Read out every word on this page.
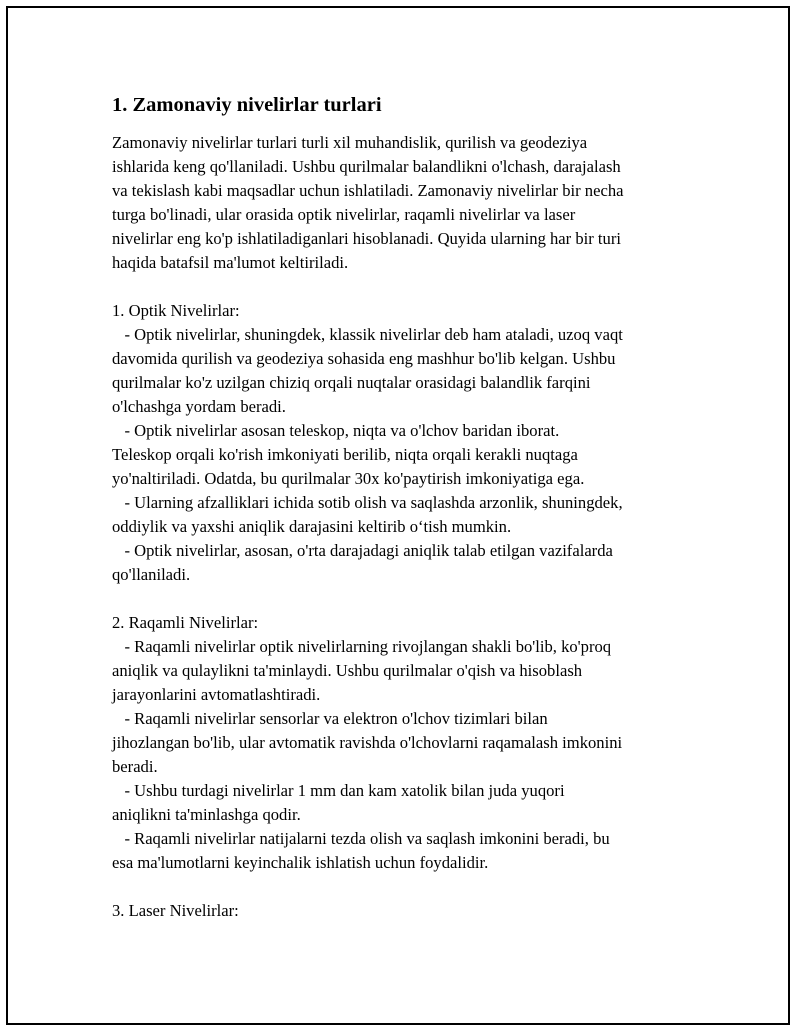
1. Zamonaviy nivelirlar turlari

Zamonaviy nivelirlar turlari turli xil muhandislik, qurilish va geodeziya
ishlarida keng qo'llaniladi. Ushbu qurilmalar balandlikni o'lchash, darajalash
va tekislash kabi maqsadlar uchun ishlatiladi. Zamonaviy nivelirlar bir necha
turga bo'linadi, ular orasida optik nivelirlar, raqamli nivelirlar va laser
nivelirlar eng ko'p ishlatiladiganlari hisoblanadi. Quyida ularning har bir turi
haqida batafsil ma'lumot keltiriladi.

1. Optik Nivelirlar:
- Optik nivelirlar, shuningdek, klassik nivelirlar deb ham ataladi, uzoq vaqt
davomida qurilish va geodeziya sohasida eng mashhur bo'lib kelgan. Ushbu
qurilmalar ko'z uzilgan chiziq orqali nuqtalar orasidagi balandlik farqini
o'lchashga yordam beradi.
- Optik nivelirlar asosan teleskop, niqta va o'lchov baridan iborat.
Teleskop orqali ko'rish imkoniyati berilib, niqta orqali kerakli nuqtaga
yo'naltiriladi. Odatda, bu qurilmalar 30x ko'paytirish imkoniyatiga ega.
- Ularning afzalliklari ichida sotib olish va saqlashda arzonlik, shuningdek,
oddiylik va yaxshi aniqlik darajasini keltirib o‘tish mumkin.
- Optik nivelirlar, asosan, o'rta darajadagi aniqlik talab etilgan vazifalarda
qo'llaniladi.

2. Raqamli Nivelirlar:
- Raqamli nivelirlar optik nivelirlarning rivojlangan shakli bo'lib, ko'proq
aniqlik va qulaylikni ta'minlaydi. Ushbu qurilmalar o'qish va hisoblash
jarayonlarini avtomatlashtiradi.
- Raqamli nivelirlar sensorlar va elektron o'lchov tizimlari bilan
jihozlangan bo'lib, ular avtomatik ravishda o'lchovlarni raqamalash imkonini
beradi.
- Ushbu turdagi nivelirlar 1 mm dan kam xatolik bilan juda yuqori
aniqlikni ta'minlashga qodir.
- Raqamli nivelirlar natijalarni tezda olish va saqlash imkonini beradi, bu
esa ma'lumotlarni keyinchalik ishlatish uchun foydalidir.

3. Laser Nivelirlar:
